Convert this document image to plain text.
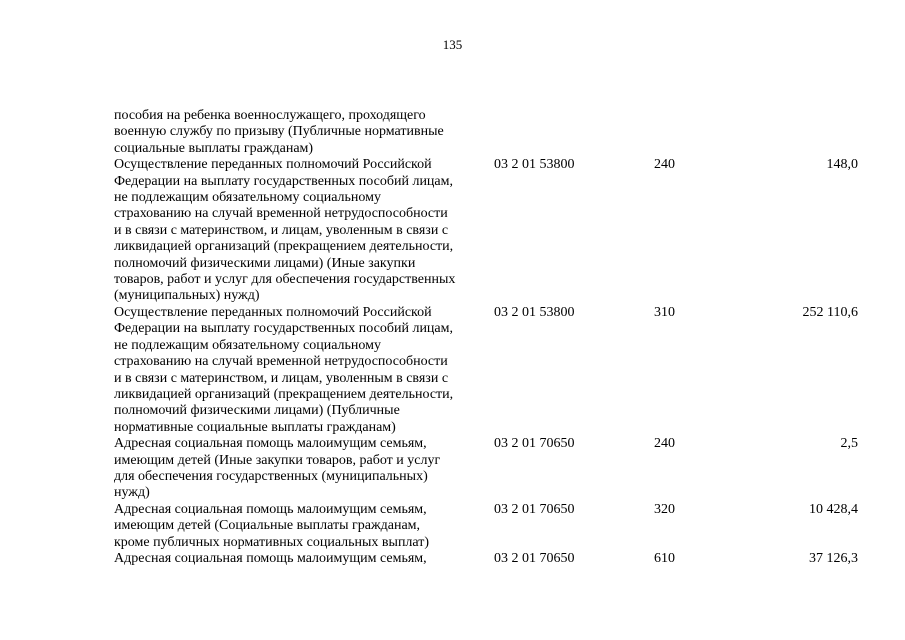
135
пособия на ребенка военнослужащего, проходящего
военную службу по призыву (Публичные нормативные
социальные выплаты гражданам)
Осуществление переданных полномочий Российской
Федерации на выплату государственных пособий лицам,
не подлежащим обязательному социальному
страхованию на случай временной нетрудоспособности
и в связи с материнством, и лицам, уволенным в связи с
ликвидацией организаций (прекращением деятельности,
полномочий физическими лицами) (Иные закупки
товаров, работ и услуг для обеспечения государственных
(муниципальных) нужд)
03 2 01 53800	240	148,0
Осуществление переданных полномочий Российской
Федерации на выплату государственных пособий лицам,
не подлежащим обязательному социальному
страхованию на случай временной нетрудоспособности
и в связи с материнством, и лицам, уволенным в связи с
ликвидацией организаций (прекращением деятельности,
полномочий физическими лицами) (Публичные
нормативные социальные выплаты гражданам)
03 2 01 53800	310	252 110,6
Адресная социальная помощь малоимущим семьям,
имеющим детей (Иные закупки товаров, работ и услуг
для обеспечения государственных (муниципальных)
нужд)
03 2 01 70650	240	2,5
Адресная социальная помощь малоимущим семьям,
имеющим детей (Социальные выплаты гражданам,
кроме публичных нормативных социальных выплат)
03 2 01 70650	320	10 428,4
Адресная социальная помощь малоимущим семьям,	03 2 01 70650	610	37 126,3
